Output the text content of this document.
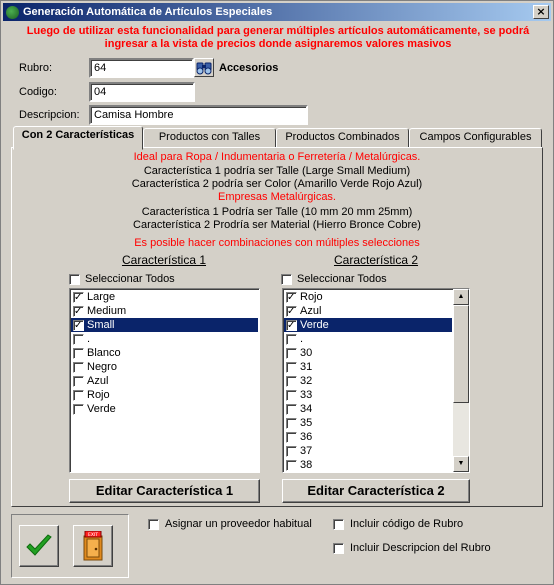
Generación Automática de Artículos Especiales	×
Luego de utilizar esta funcionalidad para generar múltiples artículos automáticamente, se podrá
ingresar a la vista de precios donde asignaremos valores masivos
Rubro:	64	Accesorios
Codigo:	04
Descripcion:	Camisa Hombre
Con 2 Características	Productos con Talles	Productos Combinados	Campos Configurables
Ideal para Ropa / Indumentaria o Ferretería / Metalúrgicas.
Característica 1 podría ser Talle (Large Small Medium)
Característica 2 podría ser Color (Amarillo Verde Rojo Azul)
Empresas Metalúrgicas.
Característica 1 Podría ser Talle (10 mm 20 mm 25mm)
Característica 2 Prodría ser Material (Hierro Bronce Cobre)
Es posible hacer combinaciones con múltiples selecciones
Característica 1
Seleccionar Todos
✓
Large
✓
Medium
✓
Small
.
Blanco
Negro
Azul
Rojo
Verde
Editar Característica 1
Característica 2
Seleccionar Todos
✓
Rojo
✓
Azul
✓
Verde
.
30
31
32
33
34
35
36
37
38
▲
▼
Editar Característica 2
EXIT
Asignar un proveedor habitual	Incluir código de Rubro
Incluir Descripcion del Rubro
